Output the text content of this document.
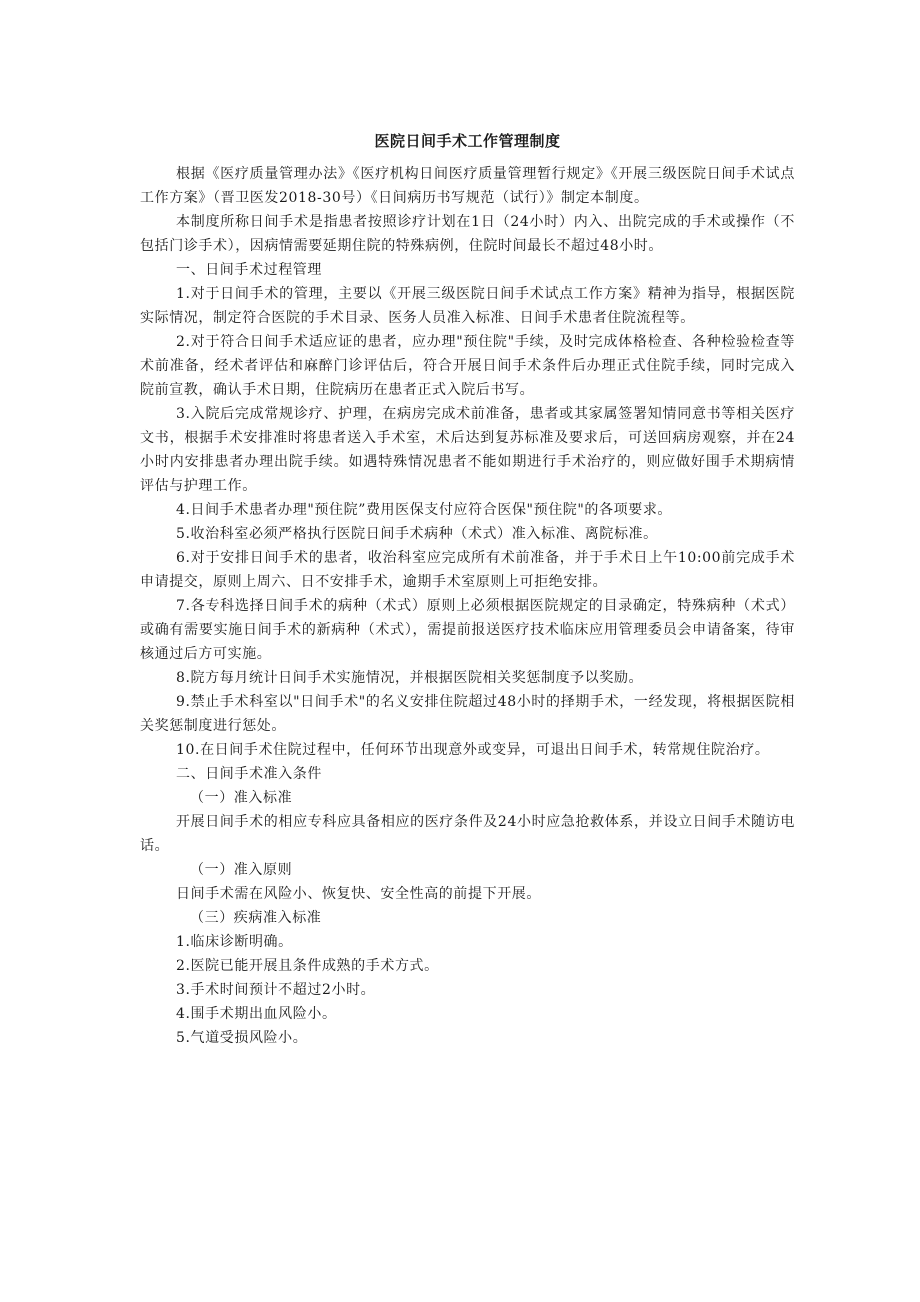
医院日间手术工作管理制度

根据《医疗质量管理办法》《医疗机构日间医疗质量管理暂行规定》《开展三级医院日间手术试点工作方案》（晋卫医发2018-30号）《日间病历书写规范（试行）》制定本制度。

本制度所称日间手术是指患者按照诊疗计划在1日（24小时）内入、出院完成的手术或操作（不包括门诊手术），因病情需要延期住院的特殊病例，住院时间最长不超过48小时。

一、日间手术过程管理

1.对于日间手术的管理，主要以《开展三级医院日间手术试点工作方案》精神为指导，根据医院实际情况，制定符合医院的手术目录、医务人员准入标准、日间手术患者住院流程等。

2.对于符合日间手术适应证的患者，应办理"预住院"手续，及时完成体格检查、各种检验检查等术前准备，经术者评估和麻醉门诊评估后，符合开展日间手术条件后办理正式住院手续，同时完成入院前宣教，确认手术日期，住院病历在患者正式入院后书写。

3.入院后完成常规诊疗、护理，在病房完成术前准备，患者或其家属签署知情同意书等相关医疗文书，根据手术安排准时将患者送入手术室，术后达到复苏标准及要求后，可送回病房观察，并在24小时内安排患者办理出院手续。如遇特殊情况患者不能如期进行手术治疗的，则应做好围手术期病情评估与护理工作。

4.日间手术患者办理"预住院”费用医保支付应符合医保"预住院"的各项要求。

5.收治科室必须严格执行医院日间手术病种（术式）准入标准、离院标准。

6.对于安排日间手术的患者，收治科室应完成所有术前准备，并于手术日上午10:00前完成手术申请提交，原则上周六、日不安排手术，逾期手术室原则上可拒绝安排。

7.各专科选择日间手术的病种（术式）原则上必须根据医院规定的目录确定，特殊病种（术式）或确有需要实施日间手术的新病种（术式），需提前报送医疗技术临床应用管理委员会申请备案，待审核通过后方可实施。

8.院方每月统计日间手术实施情况，并根据医院相关奖惩制度予以奖励。

9.禁止手术科室以"日间手术"的名义安排住院超过48小时的择期手术，一经发现，将根据医院相关奖惩制度进行惩处。

10.在日间手术住院过程中，任何环节出现意外或变异，可退出日间手术，转常规住院治疗。

二、日间手术准入条件

（一）准入标准

开展日间手术的相应专科应具备相应的医疗条件及24小时应急抢救体系，并设立日间手术随访电话。

（一）准入原则

日间手术需在风险小、恢复快、安全性高的前提下开展。

（三）疾病准入标准

1.临床诊断明确。

2.医院已能开展且条件成熟的手术方式。

3.手术时间预计不超过2小时。

4.围手术期出血风险小。

5.气道受损风险小。
